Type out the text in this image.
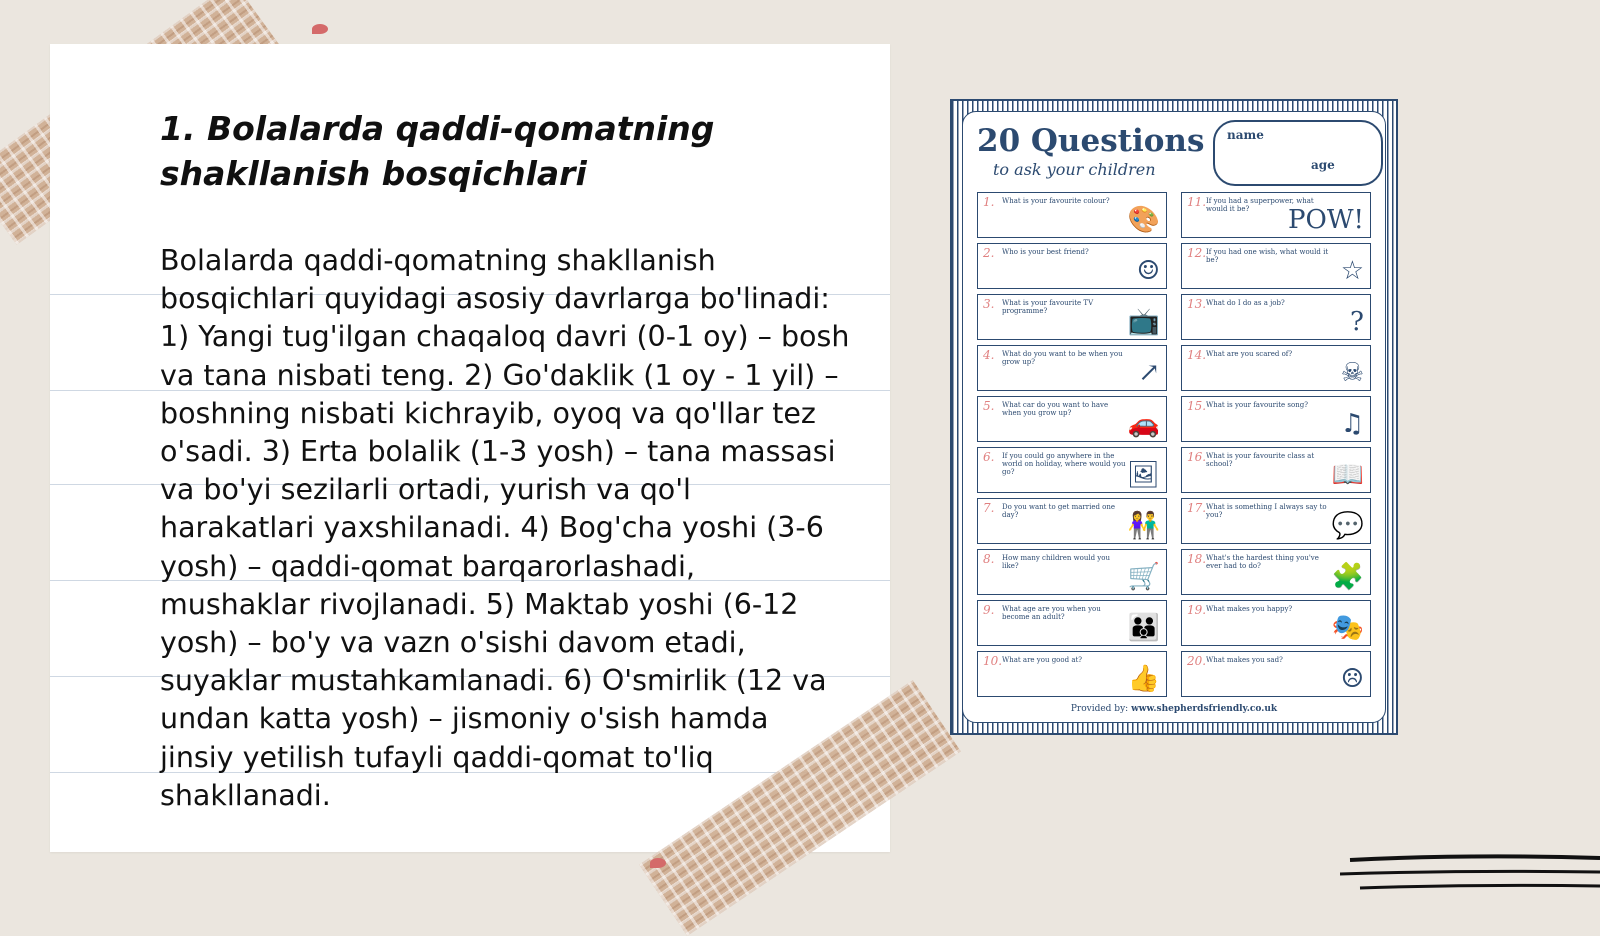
1. Bolalarda qaddi-qomatning shakllanish bosqichlari

Bolalarda qaddi-qomatning shakllanish bosqichlari quyidagi asosiy davrlarga bo'linadi: 1) Yangi tug'ilgan chaqaloq davri (0-1 oy) – bosh va tana nisbati teng. 2) Go'daklik (1 oy - 1 yil) – boshning nisbati kichrayib, oyoq va qo'llar tez o'sadi. 3) Erta bolalik (1-3 yosh) – tana massasi va bo'yi sezilarli ortadi, yurish va qo'l harakatlari yaxshilanadi. 4) Bog'cha yoshi (3-6 yosh) – qaddi-qomat barqarorlashadi, mushaklar rivojlanadi. 5) Maktab yoshi (6-12 yosh) – bo'y va vazn o'sishi davom etadi, suyaklar mustahkamlanadi. 6) O'smirlik (12 va undan katta yosh) – jismoniy o'sish hamda jinsiy yetilish tufayli qaddi-qomat to'liq shakllanadi.

20 Questions
to ask your children
name
age
1. What is your favourite colour?
🎨
11. If you had a superpower, what would it be?	POW!
2. Who is your best friend?
☺
12. If you had one wish, what would it be?	☆
3. What is your favourite TV programme?	📺
13. What do I do as a job?
?
4. What do you want to be when you grow up?	↗
14. What are you scared of?
☠
5. What car do you want to have when you grow up?	🚗
15. What is your favourite song?
♫
6. If you could go anywhere in the world on holiday, where would you go?	🖼
16. What is your favourite class at school?	📖
7. Do you want to get married one day?	👫
17. What is something I always say to you?	💬
8. How many children would you like?	🛒
18. What's the hardest thing you've ever had to do?	🧩
9. What age are you when you become an adult?	👪
19. What makes you happy?
🎭
10. What are you good at?
👍
20. What makes you sad?
☹
Provided by: www.shepherdsfriendly.co.uk
